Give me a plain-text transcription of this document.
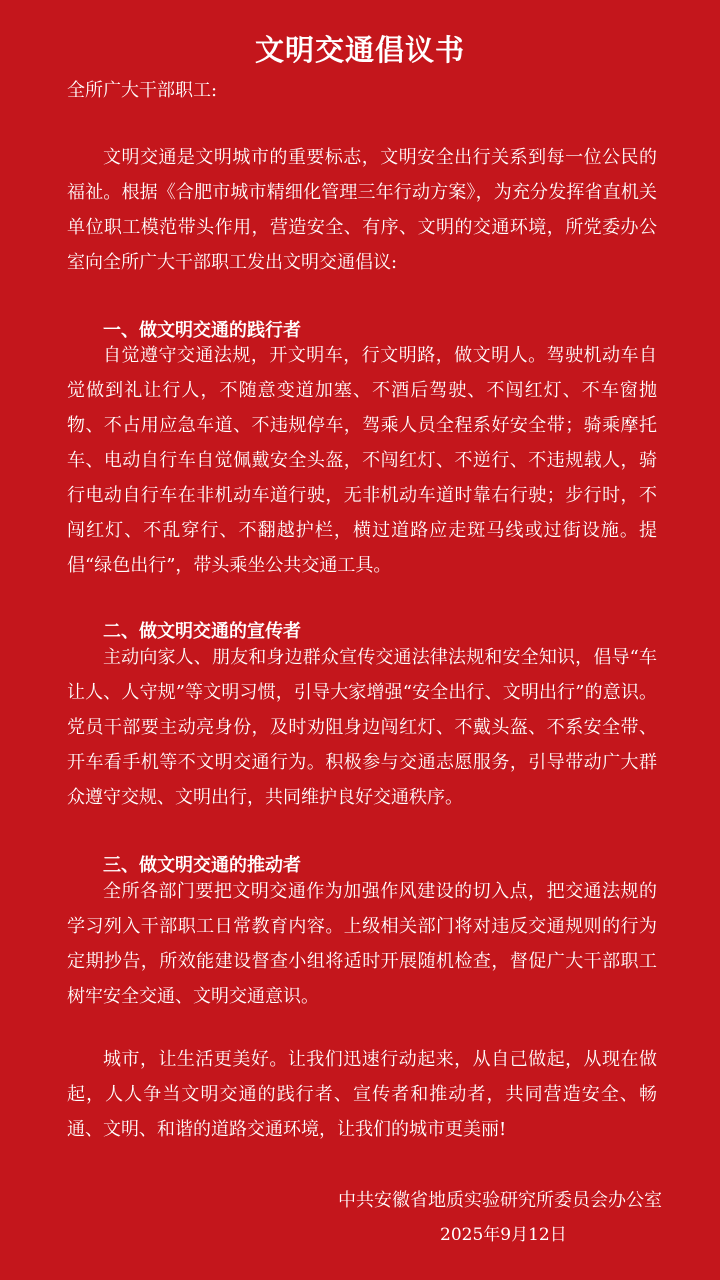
文明交通倡议书
全所广大干部职工:

文明交通是文明城市的重要标志，文明安全出行关系到每一位公民的福祉。根据《合肥市城市精细化管理三年行动方案》，为充分发挥省直机关单位职工模范带头作用，营造安全、有序、文明的交通环境，所党委办公室向全所广大干部职工发出文明交通倡议:

一、做文明交通的践行者

自觉遵守交通法规，开文明车，行文明路，做文明人。驾驶机动车自觉做到礼让行人，不随意变道加塞、不酒后驾驶、不闯红灯、不车窗抛物、不占用应急车道、不违规停车，驾乘人员全程系好安全带；骑乘摩托车、电动自行车自觉佩戴安全头盔，不闯红灯、不逆行、不违规载人，骑行电动自行车在非机动车道行驶，无非机动车道时靠右行驶；步行时，不闯红灯、不乱穿行、不翻越护栏，横过道路应走斑马线或过街设施。提倡“绿色出行”，带头乘坐公共交通工具。

二、做文明交通的宣传者

主动向家人、朋友和身边群众宣传交通法律法规和安全知识，倡导“车让人、人守规”等文明习惯，引导大家增强“安全出行、文明出行”的意识。党员干部要主动亮身份，及时劝阻身边闯红灯、不戴头盔、不系安全带、开车看手机等不文明交通行为。积极参与交通志愿服务，引导带动广大群众遵守交规、文明出行，共同维护良好交通秩序。

三、做文明交通的推动者

全所各部门要把文明交通作为加强作风建设的切入点，把交通法规的学习列入干部职工日常教育内容。上级相关部门将对违反交通规则的行为定期抄告，所效能建设督查小组将适时开展随机检查，督促广大干部职工树牢安全交通、文明交通意识。

城市，让生活更美好。让我们迅速行动起来，从自己做起，从现在做起，人人争当文明交通的践行者、宣传者和推动者，共同营造安全、畅通、文明、和谐的道路交通环境，让我们的城市更美丽!

中共安徽省地质实验研究所委员会办公室
2025年9月12日
